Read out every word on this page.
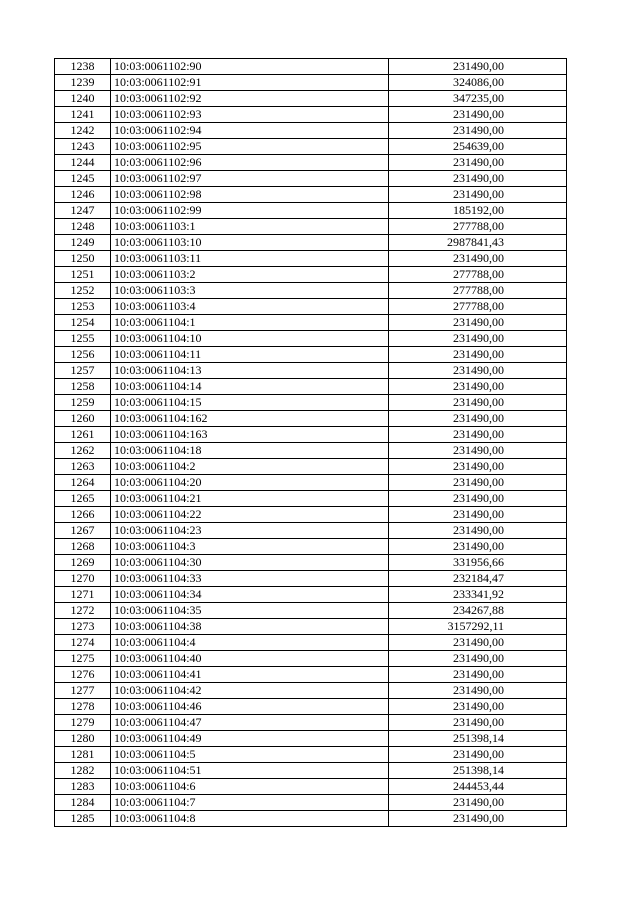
1238	10:03:0061102:90	231490,00
1239	10:03:0061102:91	324086,00
1240	10:03:0061102:92	347235,00
1241	10:03:0061102:93	231490,00
1242	10:03:0061102:94	231490,00
1243	10:03:0061102:95	254639,00
1244	10:03:0061102:96	231490,00
1245	10:03:0061102:97	231490,00
1246	10:03:0061102:98	231490,00
1247	10:03:0061102:99	185192,00
1248	10:03:0061103:1	277788,00
1249	10:03:0061103:10	2987841,43
1250	10:03:0061103:11	231490,00
1251	10:03:0061103:2	277788,00
1252	10:03:0061103:3	277788,00
1253	10:03:0061103:4	277788,00
1254	10:03:0061104:1	231490,00
1255	10:03:0061104:10	231490,00
1256	10:03:0061104:11	231490,00
1257	10:03:0061104:13	231490,00
1258	10:03:0061104:14	231490,00
1259	10:03:0061104:15	231490,00
1260	10:03:0061104:162	231490,00
1261	10:03:0061104:163	231490,00
1262	10:03:0061104:18	231490,00
1263	10:03:0061104:2	231490,00
1264	10:03:0061104:20	231490,00
1265	10:03:0061104:21	231490,00
1266	10:03:0061104:22	231490,00
1267	10:03:0061104:23	231490,00
1268	10:03:0061104:3	231490,00
1269	10:03:0061104:30	331956,66
1270	10:03:0061104:33	232184,47
1271	10:03:0061104:34	233341,92
1272	10:03:0061104:35	234267,88
1273	10:03:0061104:38	3157292,11
1274	10:03:0061104:4	231490,00
1275	10:03:0061104:40	231490,00
1276	10:03:0061104:41	231490,00
1277	10:03:0061104:42	231490,00
1278	10:03:0061104:46	231490,00
1279	10:03:0061104:47	231490,00
1280	10:03:0061104:49	251398,14
1281	10:03:0061104:5	231490,00
1282	10:03:0061104:51	251398,14
1283	10:03:0061104:6	244453,44
1284	10:03:0061104:7	231490,00
1285	10:03:0061104:8	231490,00
